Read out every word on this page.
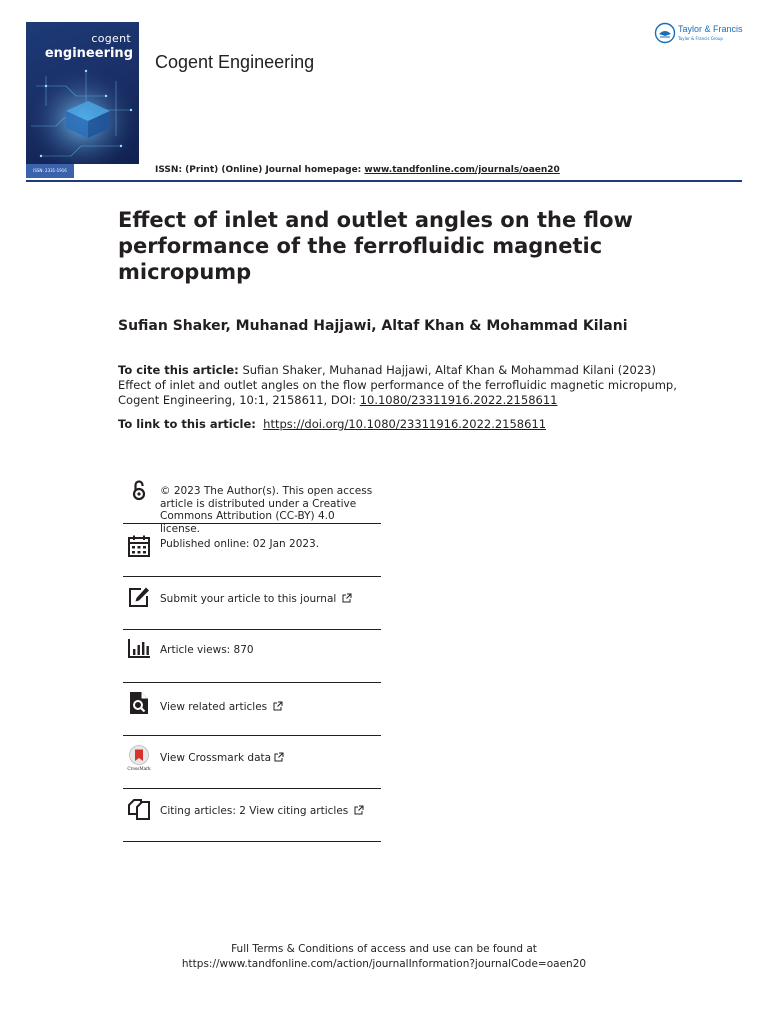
cogent
engineering
ISSN: 2331-1916
Cogent Engineering
Taylor & Francis
Taylor & Francis Group
ISSN: (Print) (Online) Journal homepage: www.tandfonline.com/journals/oaen20
Effect of inlet and outlet angles on the flow performance of the ferrofluidic magnetic micropump
Sufian Shaker, Muhanad Hajjawi, Altaf Khan & Mohammad Kilani
To cite this article: Sufian Shaker, Muhanad Hajjawi, Altaf Khan & Mohammad Kilani (2023) Effect of inlet and outlet angles on the flow performance of the ferrofluidic magnetic micropump, Cogent Engineering, 10:1, 2158611, DOI: 10.1080/23311916.2022.2158611
To link to this article: https://doi.org/10.1080/23311916.2022.2158611
© 2023 The Author(s). This open access article is distributed under a Creative Commons Attribution (CC-BY) 4.0 license.
Published online: 02 Jan 2023.
Submit your article to this journal
Article views: 870
View related articles
CrossMark
View Crossmark data
Citing articles: 2 View citing articles
Full Terms & Conditions of access and use can be found at
https://www.tandfonline.com/action/journalInformation?journalCode=oaen20
